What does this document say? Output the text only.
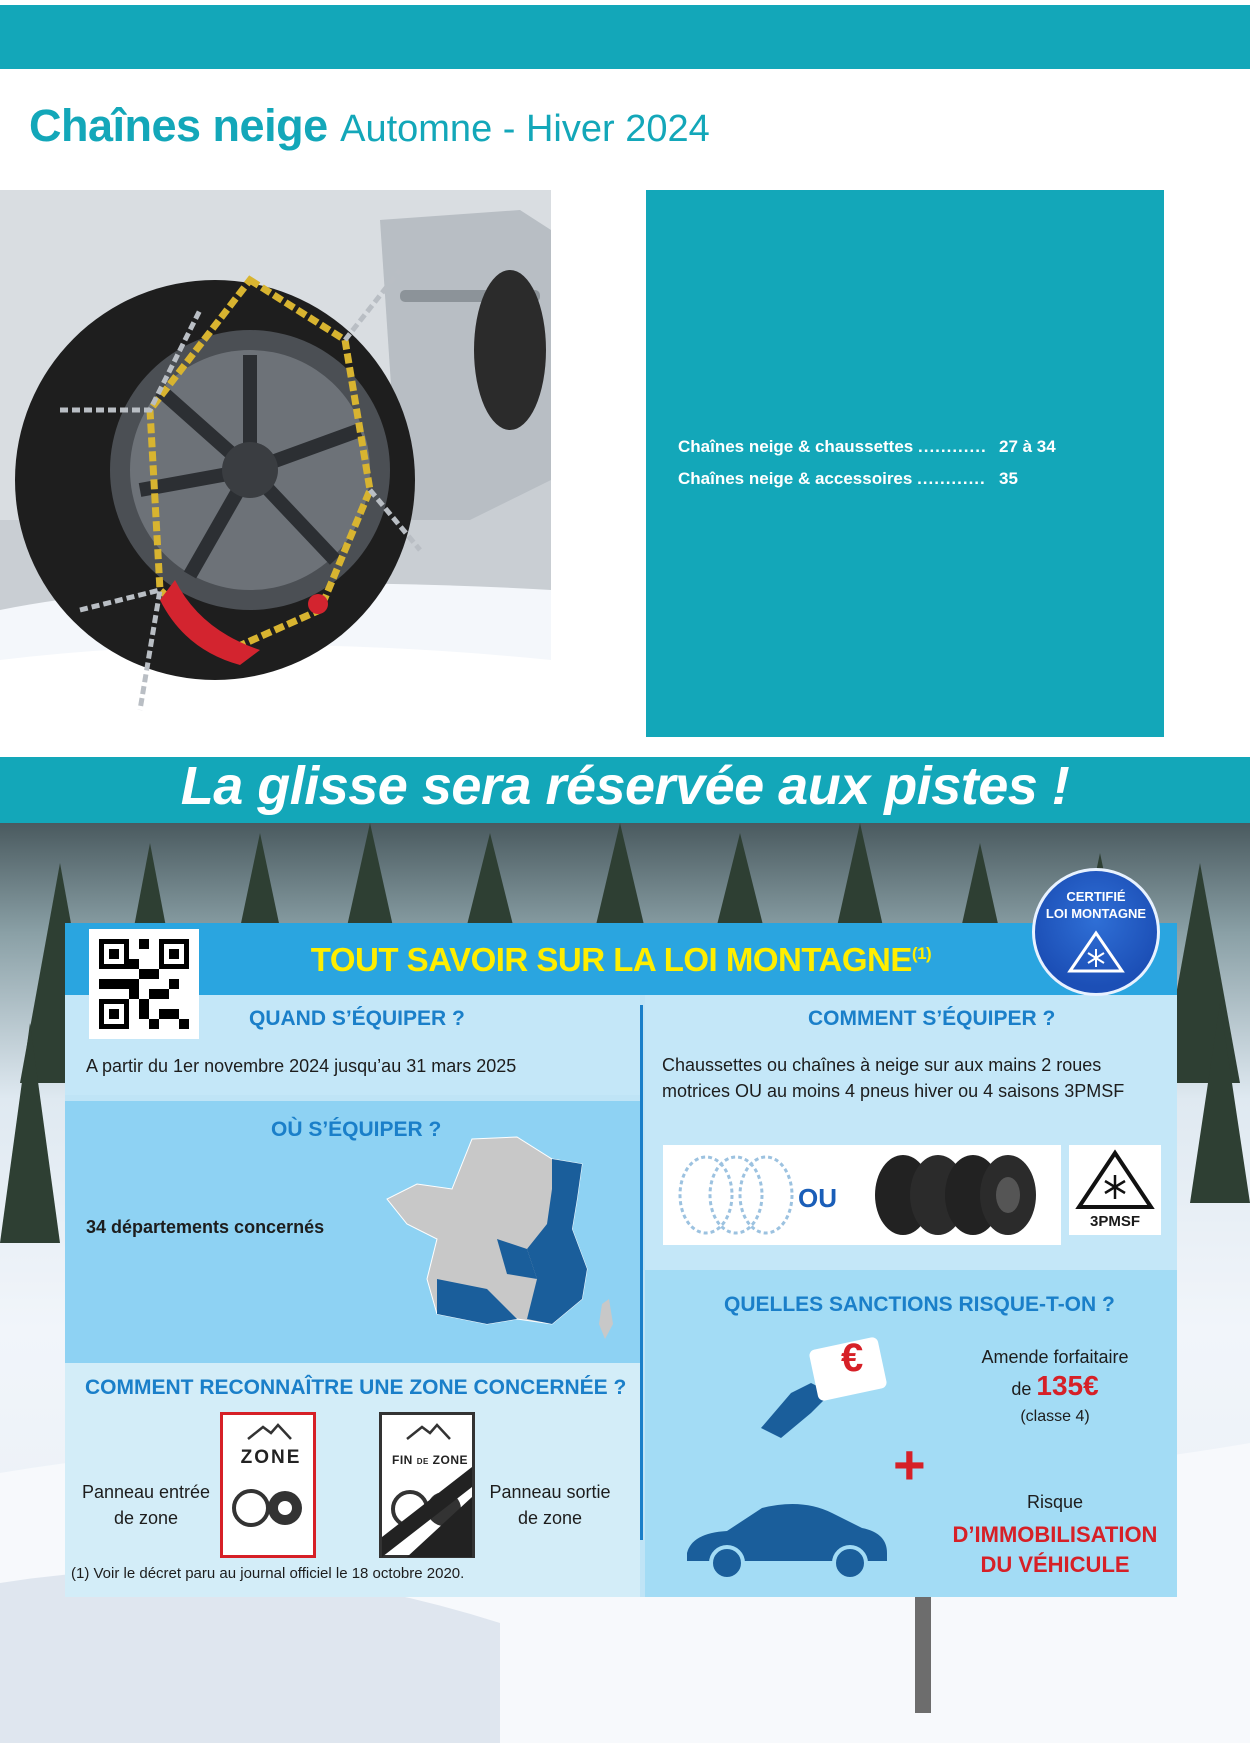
Chaînes neige Automne - Hiver 2024
Chaînes neige & chaussettes ............ 27 à 34
Chaînes neige & accessoires ............ 35
La glisse sera réservée aux pistes !
TOUT SAVOIR SUR LA LOI MONTAGNE$^{(1)}$
QUAND S’ÉQUIPER ?
A partir du 1er novembre 2024 jusqu’au 31 mars 2025
OÙ S’ÉQUIPER ?
34 départements concernés
COMMENT RECONNAÎTRE UNE ZONE CONCERNÉE ?
ZONE	FIN DE ZONE
Panneau entrée
de zone
Panneau sortie
de zone
(1) Voir le décret paru au journal officiel le 18 octobre 2020.
COMMENT S’ÉQUIPER ?
Chaussettes ou chaînes à neige sur aux mains 2 roues
motrices OU au moins 4 pneus hiver ou 4 saisons 3PMSF
OU
3PMSF
QUELLES SANCTIONS RISQUE-T-ON ?
€	Amende forfaitaire
de 135€
(classe 4)
+
Risque
D’IMMOBILISATION
DU VÉHICULE
CERTIFIÉ
LOI MONTAGNE
